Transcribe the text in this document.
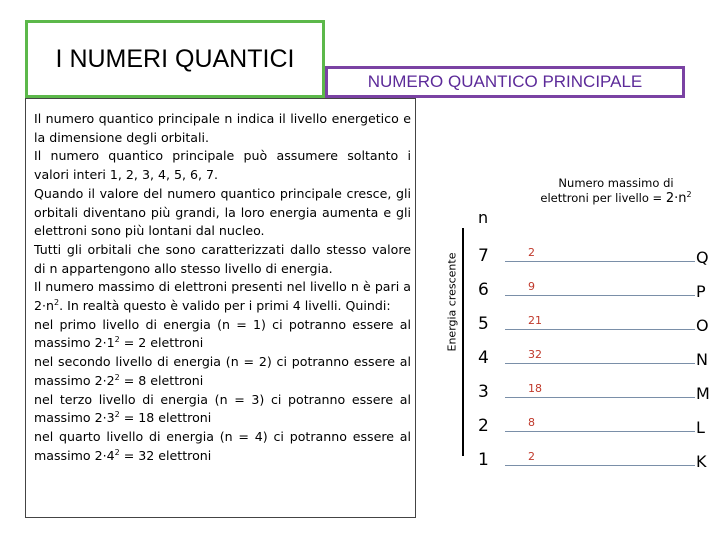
I NUMERI QUANTICI
NUMERO QUANTICO PRINCIPALE

Il numero quantico principale n indica il livello energetico e la dimensione degli orbitali.

Il numero quantico principale può assumere soltanto i valori interi 1, 2, 3, 4, 5, 6, 7.

Quando il valore del numero quantico principale cresce, gli orbitali diventano più grandi, la loro energia aumenta e gli elettroni sono più lontani dal nucleo.

Tutti gli orbitali che sono caratterizzati dallo stesso valore di n appartengono allo stesso livello di energia.

Il numero massimo di elettroni presenti nel livello n è pari a $2\cdot n^2$. In realtà questo è valido per i primi 4 livelli. Quindi:

nel primo livello di energia (n = 1) ci potranno essere al massimo $2\cdot 1^2 = 2$ elettroni

nel secondo livello di energia (n = 2) ci potranno essere al massimo $2\cdot 2^2 = 8$ elettroni

nel terzo livello di energia (n = 3) ci potranno essere al massimo $2\cdot 3^2 = 18$ elettroni

nel quarto livello di energia (n = 4) ci potranno essere al massimo $2\cdot 4^2 = 32$ elettroni

Energia crescente
n
Numero massimo di elettroni per livello = $2\cdot n^2$
7	2	Q
6	9	P
5	21	O
4	32	N
3	18	M
2	8	L
1	2	K
